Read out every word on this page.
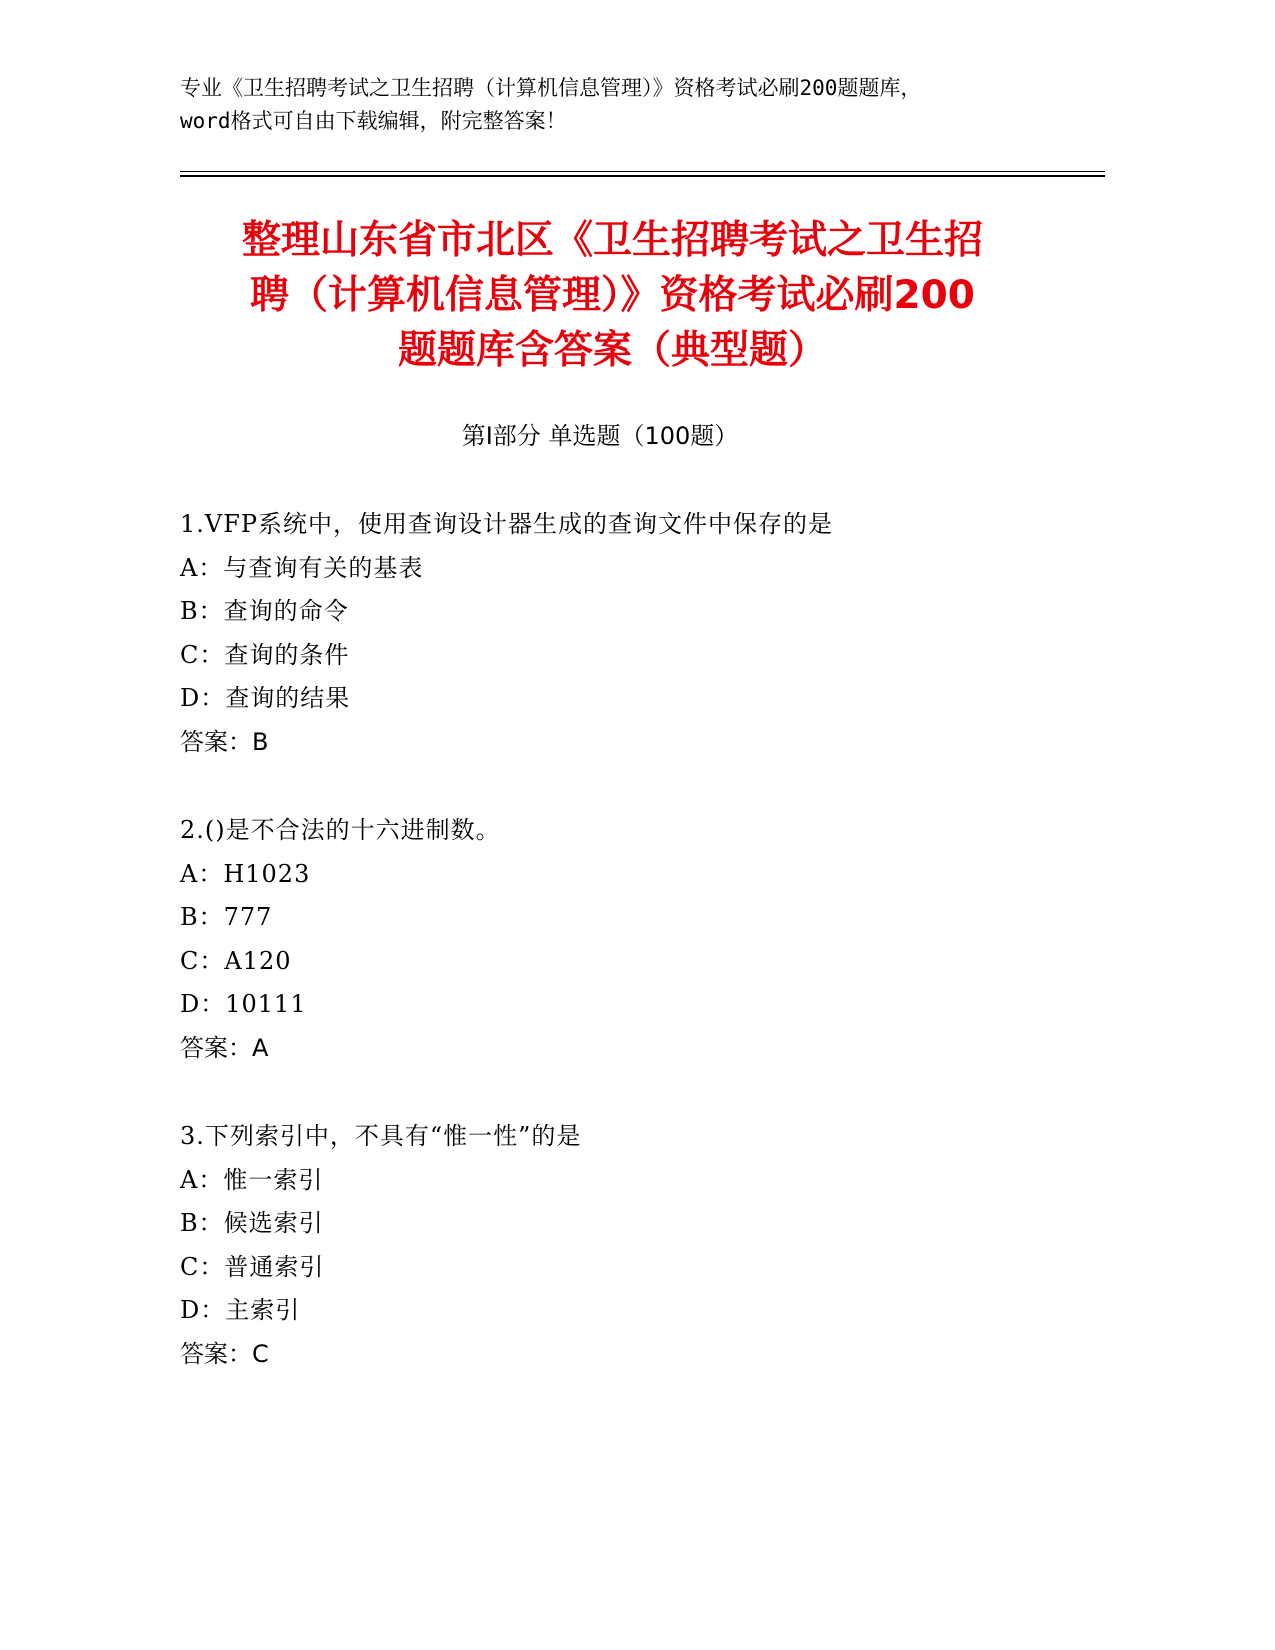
专业《卫生招聘考试之卫生招聘（计算机信息管理）》资格考试必刷200题题库，
word格式可自由下载编辑，附完整答案！
整理山东省市北区《卫生招聘考试之卫生招
聘（计算机信息管理）》资格考试必刷200
题题库含答案（典型题）
第Ⅰ部分 单选题（100题）
1.VFP系统中，使用查询设计器生成的查询文件中保存的是
A：与查询有关的基表
B：查询的命令
C：查询的条件
D：查询的结果
答案：B
2.()是不合法的十六进制数。
A：H1023
B：777
C：A120
D：10111
答案：A
3.下列索引中，不具有“惟一性”的是
A：惟一索引
B：候选索引
C：普通索引
D：主索引
答案：C
